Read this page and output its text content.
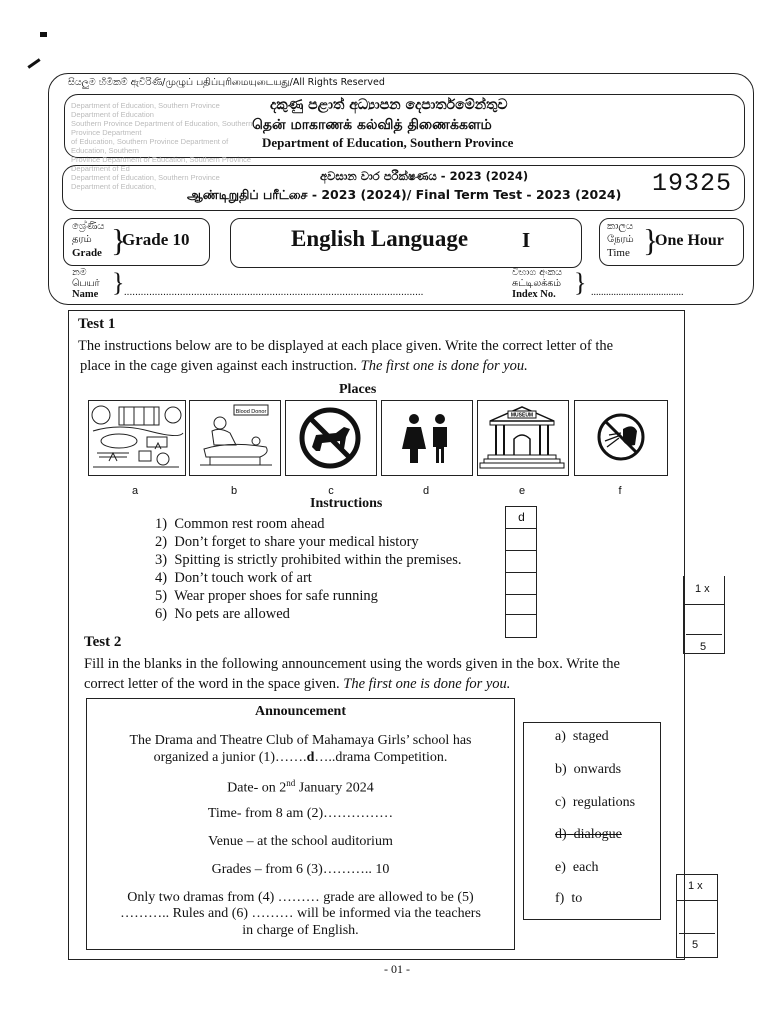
සියලුම හිමිකම් ඇවිරිණි/முழுப் பதிப்புரிமையுடையது/All Rights Reserved
Department of Education, Southern Province Department of Education
Southern Province Department of Education, Southern Province Department
of Education, Southern Province Department of Education, Southern
Province Department of Education, Southern Province Department of Ed
Department of Education, Southern Province Department of Education,
දකුණු පළාත් අධ්‍යාපන දෙපාර්තමේන්තුව
தென் மாகாணக் கல்வித் திணைக்களம்
Department of Education, Southern Province
අවසාන වාර පරීක්ෂණය - 2023 (2024)
ஆண்டிறுதிப் பரீட்சை - 2023 (2024)/ Final Term Test - 2023 (2024) 19325
ශ්‍රේණිය
தரம்
Grade }
Grade 10	English Language	I
කාලය
நேரம்
Time }
One Hour
නම
பெயர்
Name } ...........................................................................................................
විභාග අංකය
சுட்டிலக்கம்
Index No. } .....................................
Test 1
The instructions below are to be displayed at each place given. Write the correct letter of the
place in the cage given against each instruction. The first one is done for you.
Places
Blood Donor
MUSEUM
a	b	c	d	e	f
Instructions
1) Common rest room ahead
2) Don’t forget to share your medical history
3) Spitting is strictly prohibited within the premises.
4) Don’t touch work of art
5) Wear proper shoes for safe running
6) No pets are allowed
d
1 x
5
Test 2
Fill in the blanks in the following announcement using the words given in the box. Write the
correct letter of the word in the space given. The first one is done for you.
Announcement
The Drama and Theatre Club of Mahamaya Girls’ school has
organized a junior (1)…….d…..drama Competition.
Date- on 2nd January 2024
Time- from 8 am (2)……………
Venue – at the school auditorium
Grades – from 6 (3)……….. 10
Only two dramas from (4) ……… grade are allowed to be (5)
……….. Rules and (6) ……… will be informed via the teachers
in charge of English.
a) staged
b) onwards
c) regulations
d) dialogue
e) each
f) to
1 x
5
- 01 -
